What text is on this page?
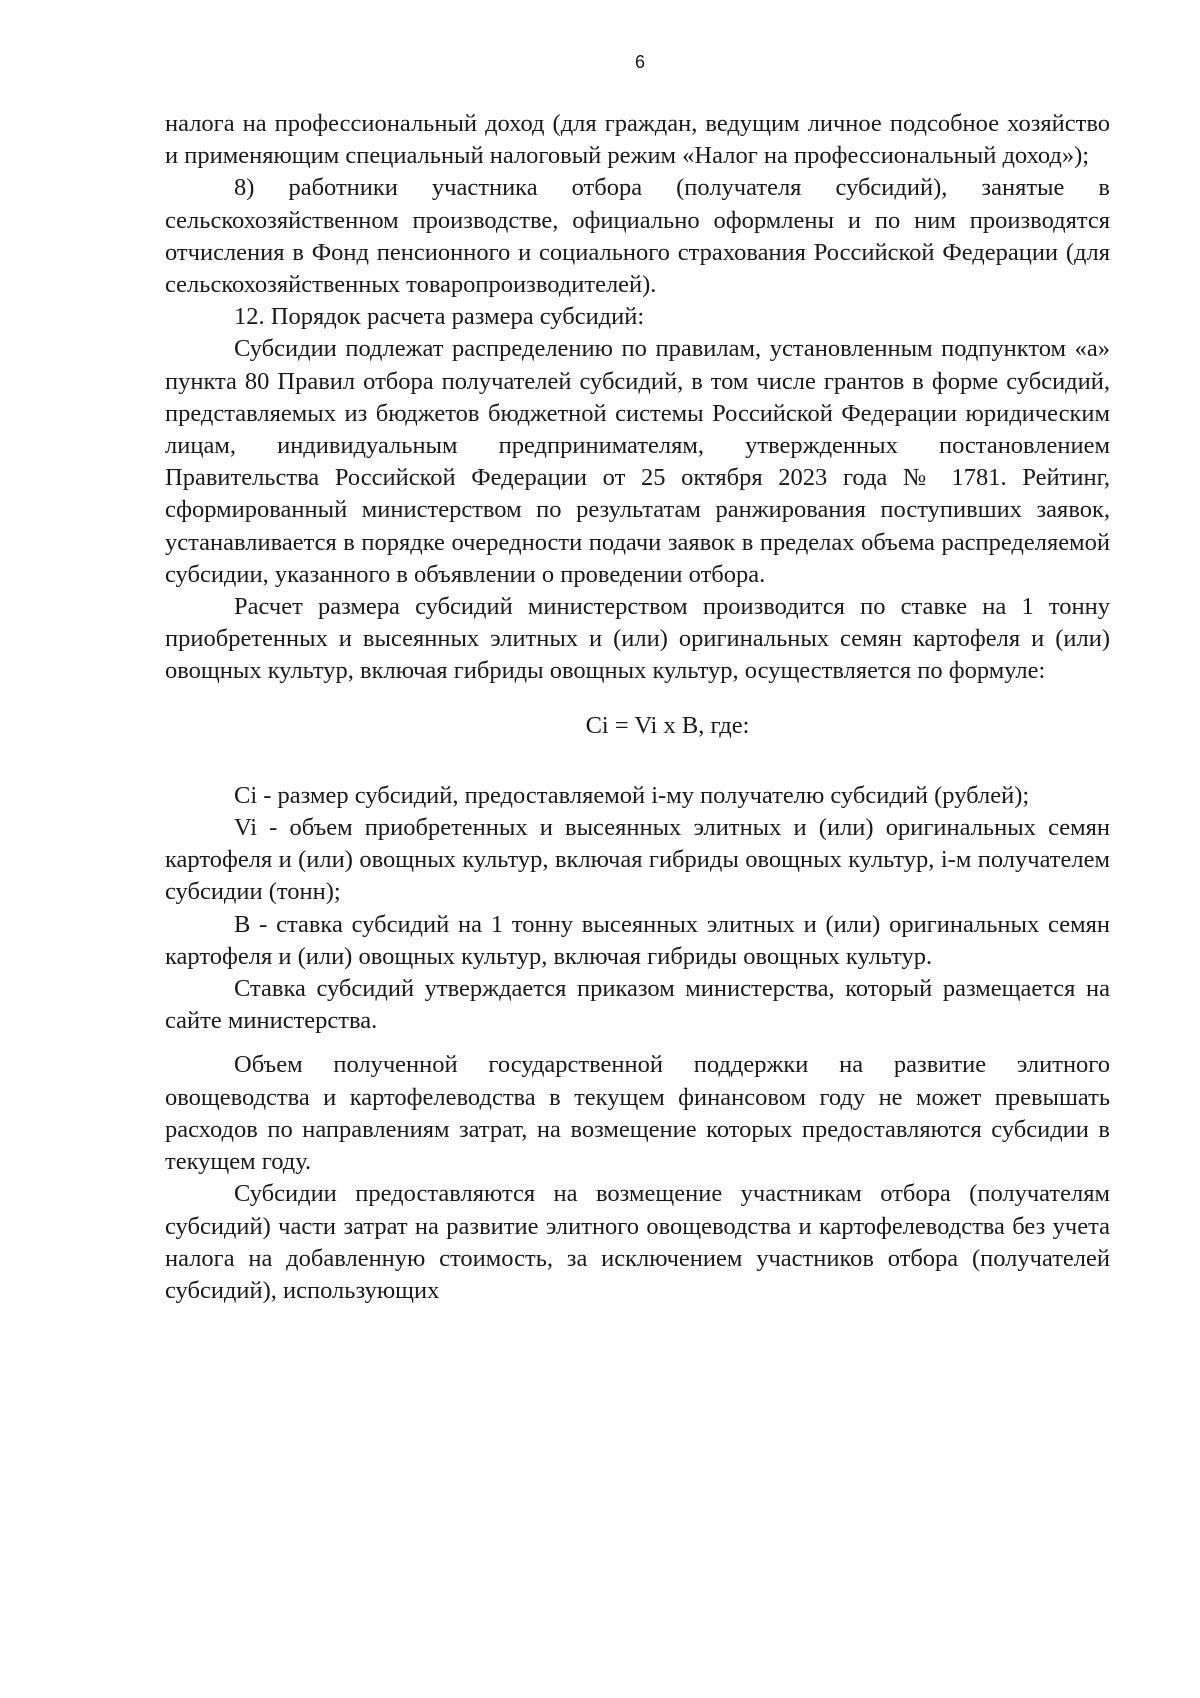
6

налога на профессиональный доход (для граждан, ведущим личное подсобное хозяйство и применяющим специальный налоговый режим «Налог на профессиональный доход»);

8) работники участника отбора (получателя субсидий), занятые в сельскохозяйственном производстве, официально оформлены и по ним производятся отчисления в Фонд пенсионного и социального страхования Российской Федерации (для сельскохозяйственных товаропроизводителей).

12. Порядок расчета размера субсидий:

Субсидии подлежат распределению по правилам, установленным подпунктом «а» пункта 80 Правил отбора получателей субсидий, в том числе грантов в форме субсидий, представляемых из бюджетов бюджетной системы Российской Федерации юридическим лицам, индивидуальным предпринимателям, утвержденных постановлением Правительства Российской Федерации от 25 октября 2023 года № 1781. Рейтинг, сформированный министерством по результатам ранжирования поступивших заявок, устанавливается в порядке очередности подачи заявок в пределах объема распределяемой субсидии, указанного в объявлении о проведении отбора.

Расчет размера субсидий министерством производится по ставке на 1 тонну приобретенных и высеянных элитных и (или) оригинальных семян картофеля и (или) овощных культур, включая гибриды овощных культур, осуществляется по формуле:

Ci = Vi x B, где:

Ci - размер субсидий, предоставляемой i-му получателю субсидий (рублей);

Vi - объем приобретенных и высеянных элитных и (или) оригинальных семян картофеля и (или) овощных культур, включая гибриды овощных культур, i-м получателем субсидии (тонн);

B - ставка субсидий на 1 тонну высеянных элитных и (или) оригинальных семян картофеля и (или) овощных культур, включая гибриды овощных культур.

Ставка субсидий утверждается приказом министерства, который размещается на сайте министерства.

Объем полученной государственной поддержки на развитие элитного овощеводства и картофелеводства в текущем финансовом году не может превышать расходов по направлениям затрат, на возмещение которых предоставляются субсидии в текущем году.

Субсидии предоставляются на возмещение участникам отбора (получателям субсидий) части затрат на развитие элитного овощеводства и картофелеводства без учета налога на добавленную стоимость, за исключением участников отбора (получателей субсидий), использующих
